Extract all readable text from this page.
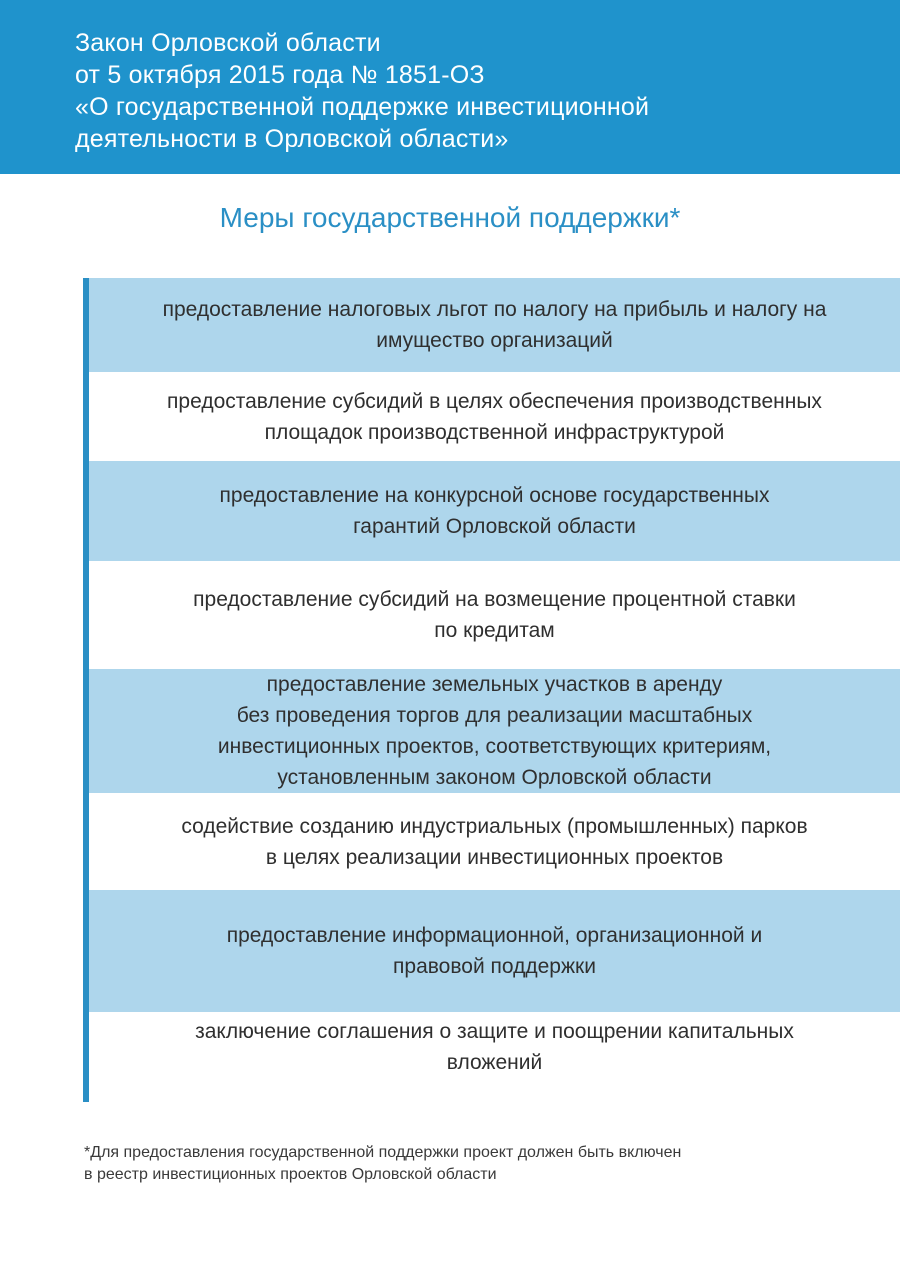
Закон Орловской области
от 5 октября 2015 года № 1851-ОЗ
«О государственной поддержке инвестиционной
деятельности в Орловской области»
Меры государственной поддержки*
предоставление налоговых льгот по налогу на прибыль и налогу на
имущество организаций
предоставление субсидий в целях обеспечения производственных
площадок производственной инфраструктурой
предоставление на конкурсной основе государственных
гарантий Орловской области
предоставление субсидий на возмещение процентной ставки
по кредитам
предоставление земельных участков в аренду
без проведения торгов для реализации масштабных
инвестиционных проектов, соответствующих критериям,
установленным законом Орловской области
содействие созданию индустриальных (промышленных) парков
в целях реализации инвестиционных проектов
предоставление информационной, организационной и
правовой поддержки
заключение соглашения о защите и поощрении капитальных
вложений
*Для предоставления государственной поддержки проект должен быть включен
в реестр инвестиционных проектов Орловской области
